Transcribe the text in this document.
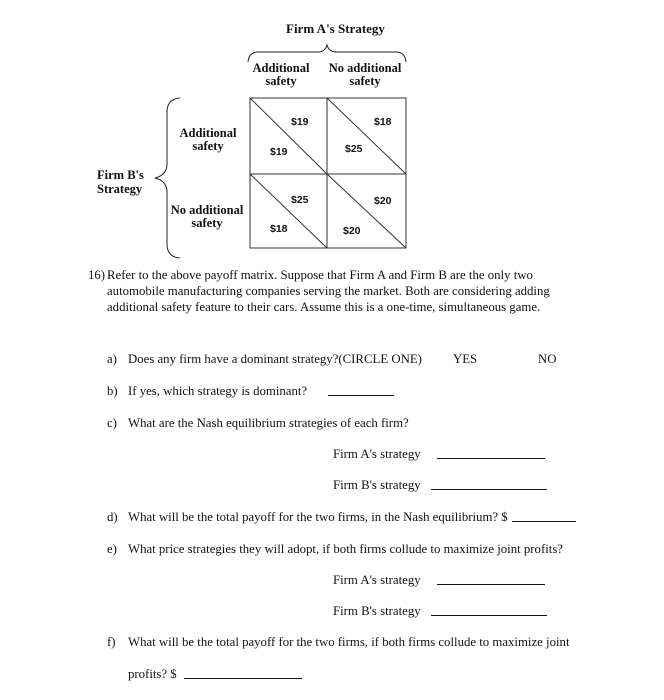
Firm A's Strategy
Additional safety
No additional safety
Firm B's Strategy
Additional safety
No additional safety
$19
$19
$18
$25
$25
$18
$20
$20
16) Refer to the above payoff matrix. Suppose that Firm A and Firm B are the only two automobile manufacturing companies serving the market. Both are considering adding additional safety feature to their cars. Assume this is a one-time, simultaneous game.
a) Does any firm have a dominant strategy?(CIRCLE ONE) YES	NO
b) If yes, which strategy is dominant?
c) What are the Nash equilibrium strategies of each firm?
Firm A's strategy
Firm B's strategy
d) What will be the total payoff for the two firms, in the Nash equilibrium? $
e) What price strategies they will adopt, if both firms collude to maximize joint profits?
Firm A's strategy
Firm B's strategy
f) What will be the total payoff for the two firms, if both firms collude to maximize joint
profits? $
